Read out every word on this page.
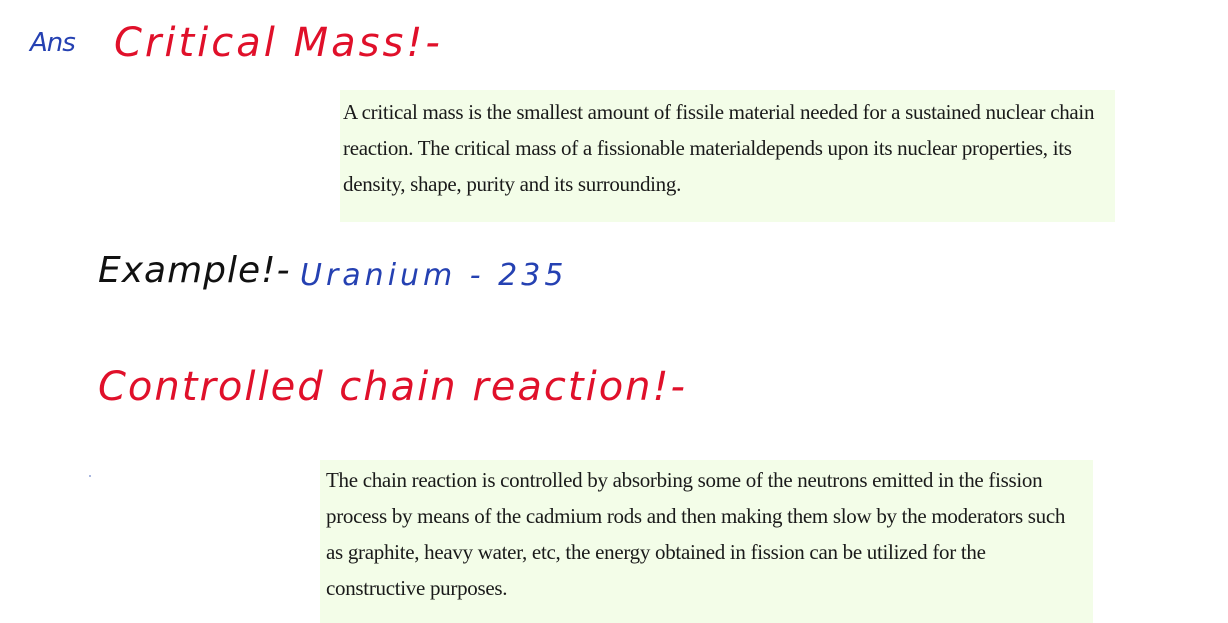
Ans Critical Mass!-
A critical mass is the smallest amount of fissile material needed for a sustained nuclear chain reaction. The critical mass of a fissionable materialdepends upon its nuclear properties, its density, shape, purity and its surrounding.
Example!- Uranium - 235
Controlled chain reaction!-
The chain reaction is controlled by absorbing some of the neutrons emitted in the fission process by means of the cadmium rods and then making them slow by the moderators such as graphite, heavy water, etc, the energy obtained in fission can be utilized for the constructive purposes.
